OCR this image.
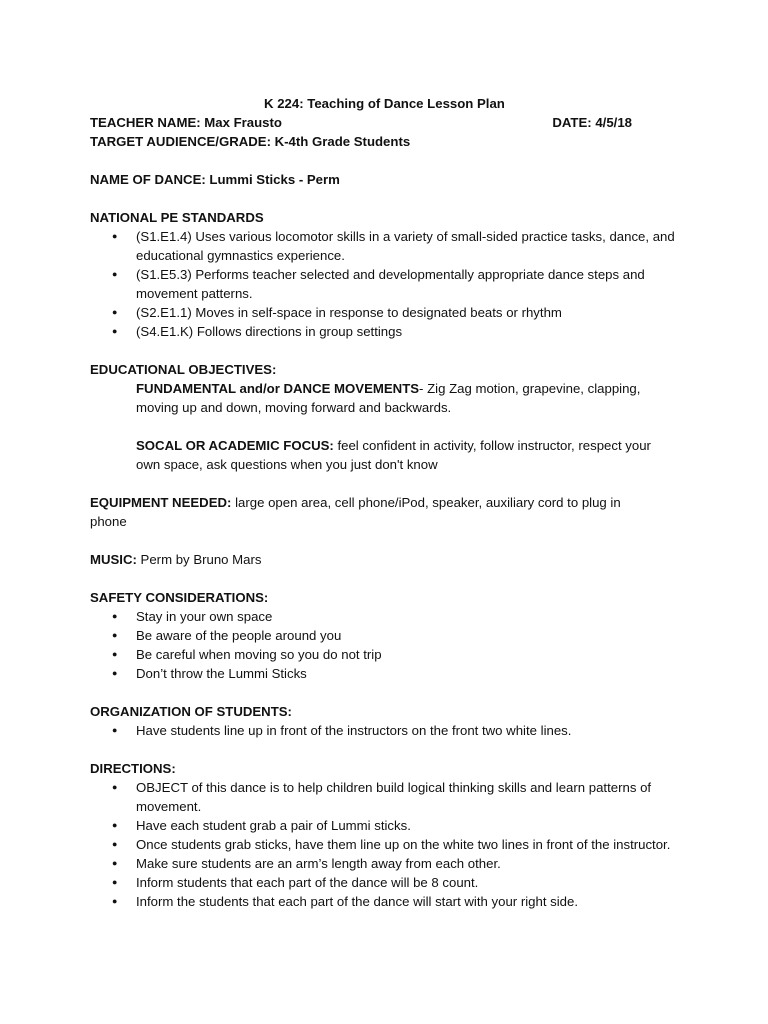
K 224: Teaching of Dance Lesson Plan
TEACHER NAME: Max Frausto	DATE: 4/5/18
TARGET AUDIENCE/GRADE: K-4th Grade Students
NAME OF DANCE: Lummi Sticks - Perm
NATIONAL PE STANDARDS
● (S1.E1.4) Uses various locomotor skills in a variety of small-sided practice tasks, dance, and educational gymnastics experience.
● (S1.E5.3) Performs teacher selected and developmentally appropriate dance steps and movement patterns.
● (S2.E1.1) Moves in self-space in response to designated beats or rhythm
● (S4.E1.K) Follows directions in group settings
EDUCATIONAL OBJECTIVES:
FUNDAMENTAL and/or DANCE MOVEMENTS- Zig Zag motion, grapevine, clapping, moving up and down, moving forward and backwards.
SOCAL OR ACADEMIC FOCUS: feel confident in activity, follow instructor, respect your own space, ask questions when you just don't know
EQUIPMENT NEEDED: large open area, cell phone/iPod, speaker, auxiliary cord to plug in phone
MUSIC: Perm by Bruno Mars
SAFETY CONSIDERATIONS:
● Stay in your own space
● Be aware of the people around you
● Be careful when moving so you do not trip
● Don’t throw the Lummi Sticks
ORGANIZATION OF STUDENTS:
● Have students line up in front of the instructors on the front two white lines.
DIRECTIONS:
● OBJECT of this dance is to help children build logical thinking skills and learn patterns of movement.
● Have each student grab a pair of Lummi sticks.
● Once students grab sticks, have them line up on the white two lines in front of the instructor.
● Make sure students are an arm’s length away from each other.
● Inform students that each part of the dance will be 8 count.
● Inform the students that each part of the dance will start with your right side.
